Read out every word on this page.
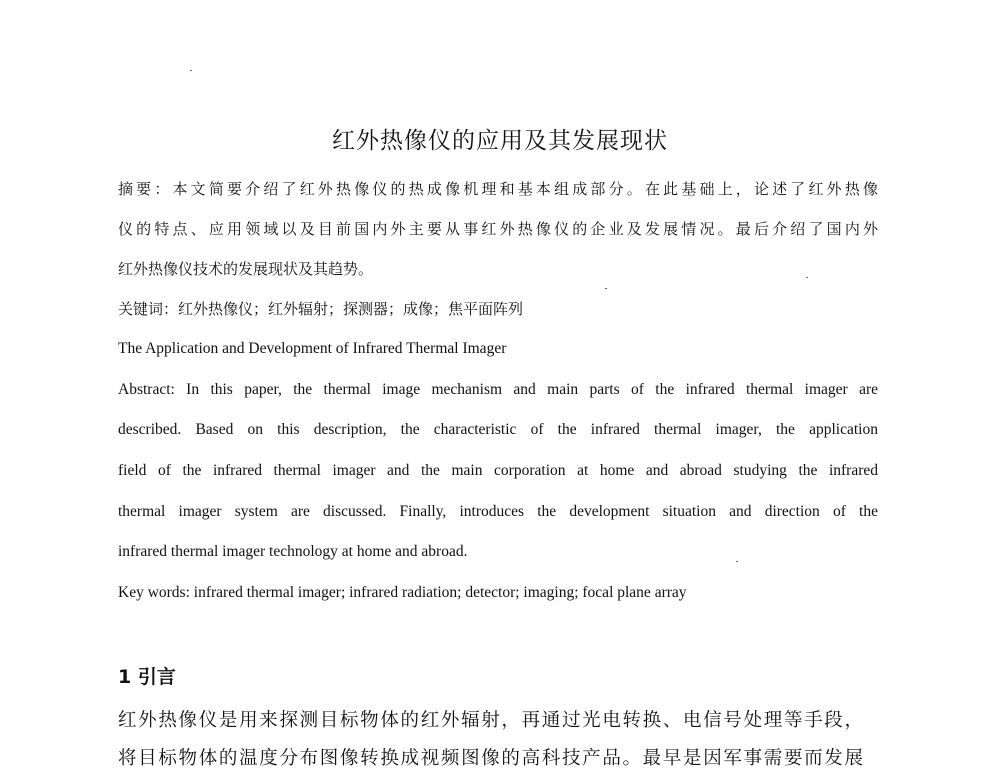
红外热像仪的应用及其发展现状
摘要：本文简要介绍了红外热像仪的热成像机理和基本组成部分。在此基础上，论述了红外热像
仪的特点、应用领域以及目前国内外主要从事红外热像仪的企业及发展情况。最后介绍了国内外
红外热像仪技术的发展现状及其趋势。
关键词：红外热像仪；红外辐射；探测器；成像；焦平面阵列
The Application and Development of Infrared Thermal Imager
Abstract: In this paper, the thermal image mechanism and main parts of the infrared thermal imager are
described. Based on this description, the characteristic of the infrared thermal imager, the application
field of the infrared thermal imager and the main corporation at home and abroad studying the infrared
thermal imager system are discussed. Finally, introduces the development situation and direction of the
infrared thermal imager technology at home and abroad.
Key words: infrared thermal imager; infrared radiation; detector; imaging; focal plane array
1 引言
红外热像仪是用来探测目标物体的红外辐射，再通过光电转换、电信号处理等手段，
将目标物体的温度分布图像转换成视频图像的高科技产品。最早是因军事需要而发展
